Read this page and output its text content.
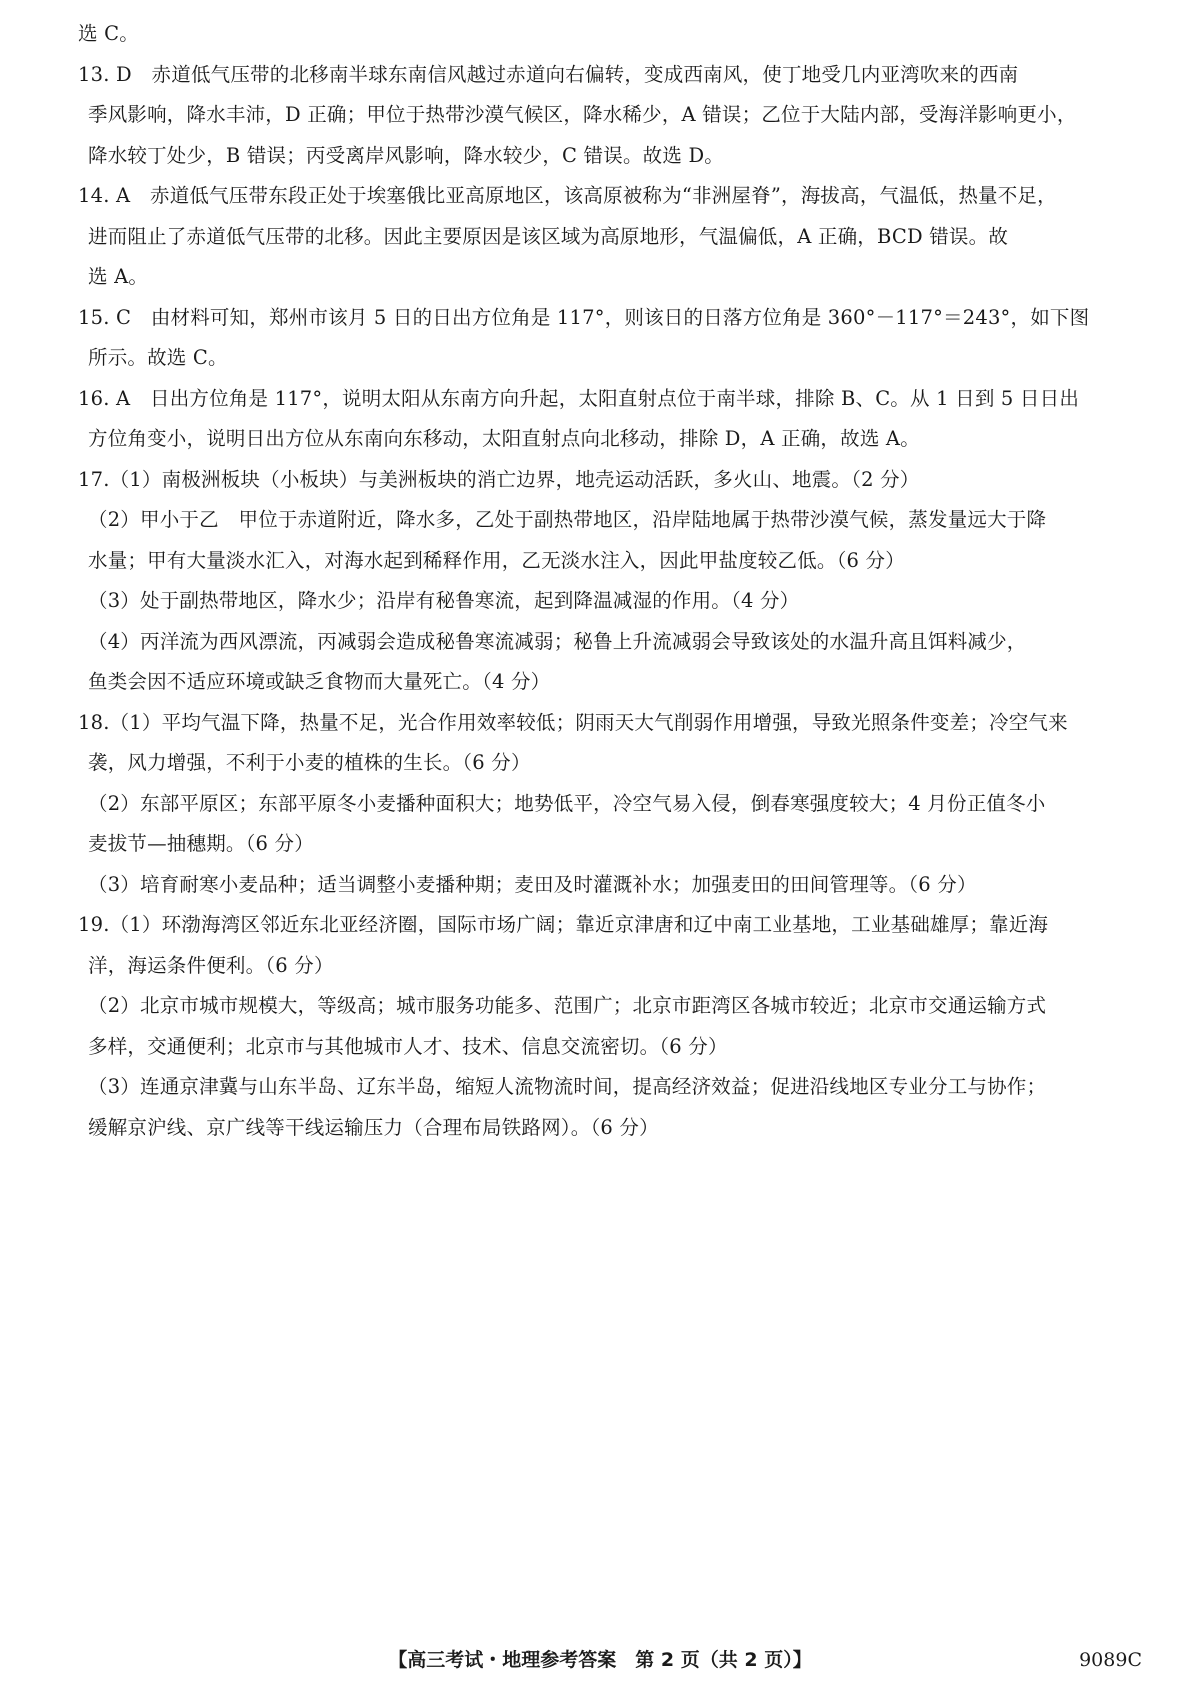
选 C。

13. D　赤道低气压带的北移南半球东南信风越过赤道向右偏转，变成西南风，使丁地受几内亚湾吹来的西南

季风影响，降水丰沛，D 正确；甲位于热带沙漠气候区，降水稀少，A 错误；乙位于大陆内部，受海洋影响更小，

降水较丁处少，B 错误；丙受离岸风影响，降水较少，C 错误。故选 D。

14. A　赤道低气压带东段正处于埃塞俄比亚高原地区，该高原被称为“非洲屋脊”，海拔高，气温低，热量不足，

进而阻止了赤道低气压带的北移。因此主要原因是该区域为高原地形，气温偏低，A 正确，BCD 错误。故

选 A。

15. C　由材料可知，郑州市该月 5 日的日出方位角是 117°，则该日的日落方位角是 360°－117°＝243°，如下图

所示。故选 C。

16. A　日出方位角是 117°，说明太阳从东南方向升起，太阳直射点位于南半球，排除 B、C。从 1 日到 5 日日出

方位角变小，说明日出方位从东南向东移动，太阳直射点向北移动，排除 D，A 正确，故选 A。

17.（1）南极洲板块（小板块）与美洲板块的消亡边界，地壳运动活跃，多火山、地震。（2 分）

（2）甲小于乙　甲位于赤道附近，降水多，乙处于副热带地区，沿岸陆地属于热带沙漠气候，蒸发量远大于降

水量；甲有大量淡水汇入，对海水起到稀释作用，乙无淡水注入，因此甲盐度较乙低。（6 分）

（3）处于副热带地区，降水少；沿岸有秘鲁寒流，起到降温减湿的作用。（4 分）

（4）丙洋流为西风漂流，丙减弱会造成秘鲁寒流减弱；秘鲁上升流减弱会导致该处的水温升高且饵料减少，

鱼类会因不适应环境或缺乏食物而大量死亡。（4 分）

18.（1）平均气温下降，热量不足，光合作用效率较低；阴雨天大气削弱作用增强，导致光照条件变差；冷空气来

袭，风力增强，不利于小麦的植株的生长。（6 分）

（2）东部平原区；东部平原冬小麦播种面积大；地势低平，冷空气易入侵，倒春寒强度较大；4 月份正值冬小

麦拔节—抽穗期。（6 分）

（3）培育耐寒小麦品种；适当调整小麦播种期；麦田及时灌溉补水；加强麦田的田间管理等。（6 分）

19.（1）环渤海湾区邻近东北亚经济圈，国际市场广阔；靠近京津唐和辽中南工业基地，工业基础雄厚；靠近海

洋，海运条件便利。（6 分）

（2）北京市城市规模大，等级高；城市服务功能多、范围广；北京市距湾区各城市较近；北京市交通运输方式

多样，交通便利；北京市与其他城市人才、技术、信息交流密切。（6 分）

（3）连通京津冀与山东半岛、辽东半岛，缩短人流物流时间，提高经济效益；促进沿线地区专业分工与协作；

缓解京沪线、京广线等干线运输压力（合理布局铁路网）。（6 分）

【高三考试・地理参考答案　第 2 页（共 2 页）】	9089C
